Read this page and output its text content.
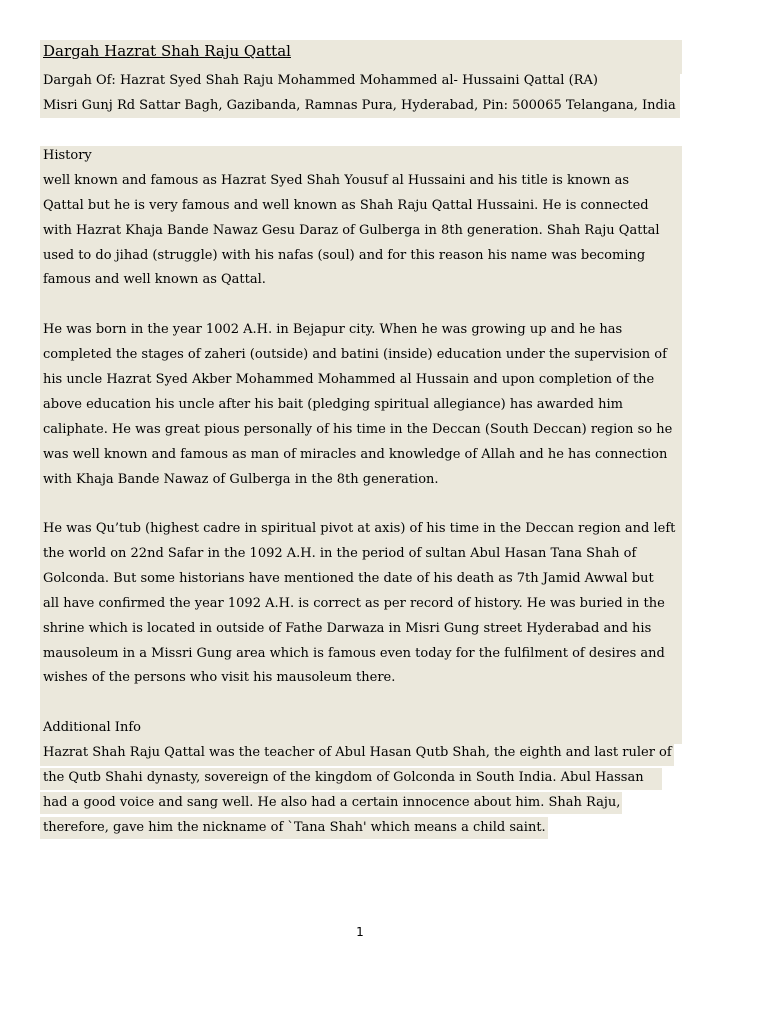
Dargah Hazrat Shah Raju Qattal
Dargah Of: Hazrat Syed Shah Raju Mohammed Mohammed al- Hussaini Qattal (RA)
Misri Gunj Rd Sattar Bagh, Gazibanda, Ramnas Pura, Hyderabad, Pin: 500065 Telangana, India
History
well known and famous as Hazrat Syed Shah Yousuf al Hussaini and his title is known as
Qattal but he is very famous and well known as Shah Raju Qattal Hussaini. He is connected
with Hazrat Khaja Bande Nawaz Gesu Daraz of Gulberga in 8th generation. Shah Raju Qattal
used to do jihad (struggle) with his nafas (soul) and for this reason his name was becoming
famous and well known as Qattal.
He was born in the year 1002 A.H. in Bejapur city. When he was growing up and he has
completed the stages of zaheri (outside) and batini (inside) education under the supervision of
his uncle Hazrat Syed Akber Mohammed Mohammed al Hussain and upon completion of the
above education his uncle after his bait (pledging spiritual allegiance) has awarded him
caliphate. He was great pious personally of his time in the Deccan (South Deccan) region so he
was well known and famous as man of miracles and knowledge of Allah and he has connection
with Khaja Bande Nawaz of Gulberga in the 8th generation.
He was Qu’tub (highest cadre in spiritual pivot at axis) of his time in the Deccan region and left
the world on 22nd Safar in the 1092 A.H. in the period of sultan Abul Hasan Tana Shah of
Golconda. But some historians have mentioned the date of his death as 7th Jamid Awwal but
all have confirmed the year 1092 A.H. is correct as per record of history. He was buried in the
shrine which is located in outside of Fathe Darwaza in Misri Gung street Hyderabad and his
mausoleum in a Missri Gung area which is famous even today for the fulfilment of desires and
wishes of the persons who visit his mausoleum there.
Additional Info
Hazrat Shah Raju Qattal was the teacher of Abul Hasan Qutb Shah, the eighth and last ruler of
the Qutb Shahi dynasty, sovereign of the kingdom of Golconda in South India. Abul Hassan
had a good voice and sang well. He also had a certain innocence about him. Shah Raju,
therefore, gave him the nickname of `Tana Shah' which means a child saint.
1
